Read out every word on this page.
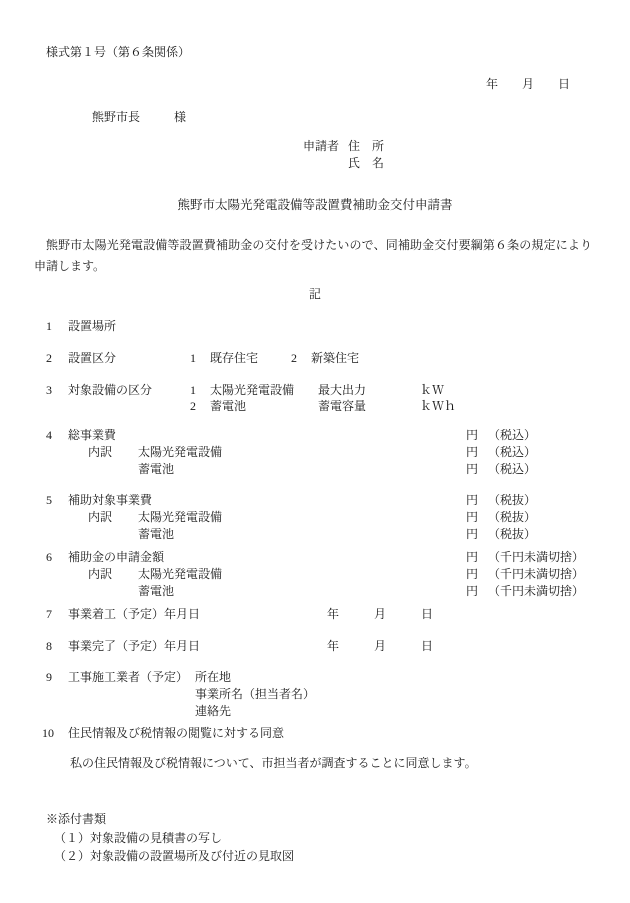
様式第１号（第６条関係）
年 月 日
熊野市長	様
申請者 住　所
氏　名
熊野市太陽光発電設備等設置費補助金交付申請書
熊野市太陽光発電設備等設置費補助金の交付を受けたいので、同補助金交付要綱第６条の規定により申請します。
記
1	設置場所
2	設置区分	1 既存住宅	2 新築住宅
3	対象設備の区分	1 太陽光発電設備 最大出力	ｋＷ
2 蓄電池	蓄電容量	ｋＷｈ
4	総事業費	円 （税込）
内訳 太陽光発電設備	円 （税込）
蓄電池	円 （税込）
5	補助対象事業費	円 （税抜）
内訳 太陽光発電設備	円 （税抜）
蓄電池	円 （税抜）
6	補助金の申請金額	円 （千円未満切捨）
内訳 太陽光発電設備	円 （千円未満切捨）
蓄電池	円 （千円未満切捨）
7	事業着工（予定）年月日	年	月	日
8	事業完了（予定）年月日	年	月	日
9	工事施工業者（予定） 所在地
事業所名（担当者名）
連絡先
10	住民情報及び税情報の閲覧に対する同意
私の住民情報及び税情報について、市担当者が調査することに同意します。
※添付書類
（１）対象設備の見積書の写し
（２）対象設備の設置場所及び付近の見取図
